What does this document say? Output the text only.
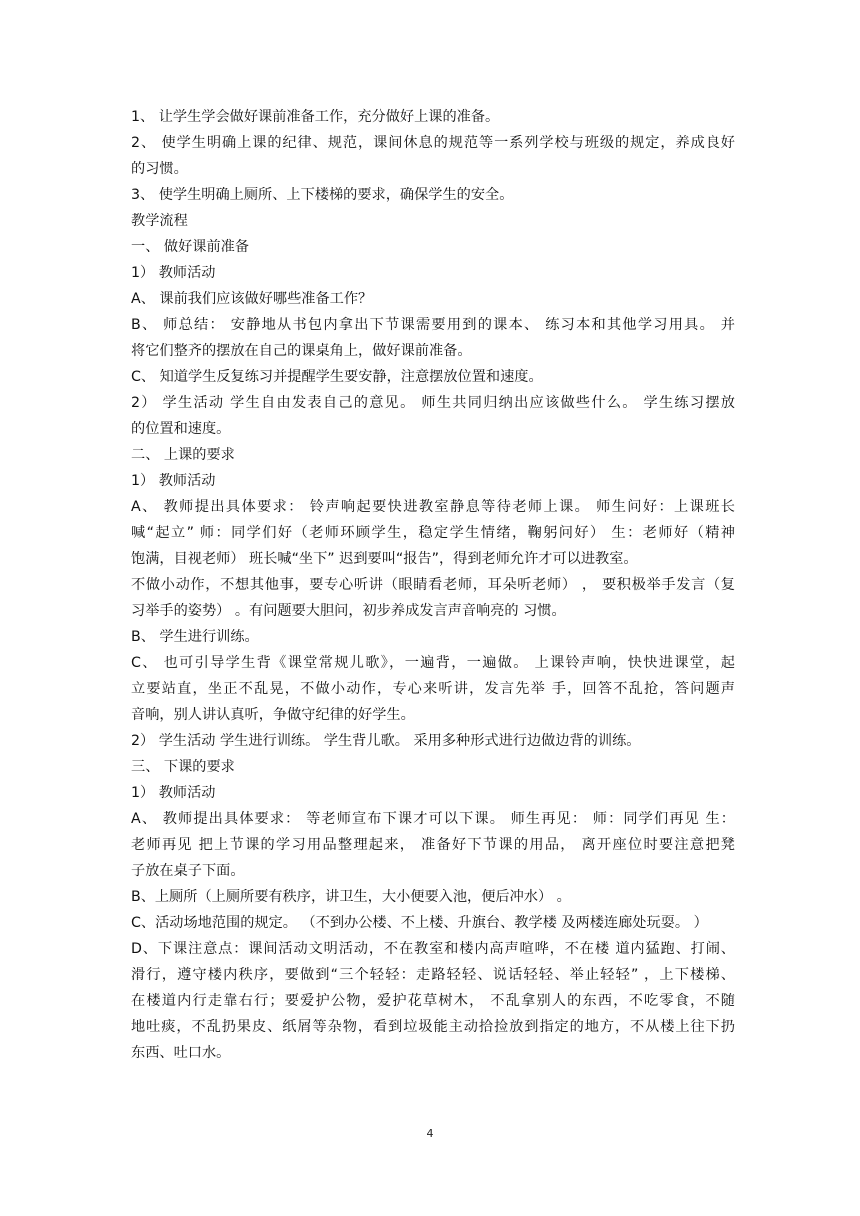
1、 让学生学会做好课前准备工作，充分做好上课的准备。
2、 使学生明确上课的纪律、规范，课间休息的规范等一系列学校与班级的规定，养成良好
的习惯。
3、 使学生明确上厕所、上下楼梯的要求，确保学生的安全。
教学流程
一、 做好课前准备
1） 教师活动
A、 课前我们应该做好哪些准备工作？
B、 师总结： 安静地从书包内拿出下节课需要用到的课本、 练习本和其他学习用具。 并
将它们整齐的摆放在自己的课桌角上，做好课前准备。
C、 知道学生反复练习并提醒学生要安静，注意摆放位置和速度。
2） 学生活动 学生自由发表自己的意见。 师生共同归纳出应该做些什么。 学生练习摆放
的位置和速度。
二、 上课的要求
1） 教师活动
A、 教师提出具体要求： 铃声响起要快进教室静息等待老师上课。 师生问好：上课班长
喊“起立” 师：同学们好（老师环顾学生，稳定学生情绪，鞠躬问好） 生：老师好（精神
饱满，目视老师） 班长喊“坐下” 迟到要叫“报告”，得到老师允许才可以进教室。
不做小动作，不想其他事，要专心听讲（眼睛看老师，耳朵听老师） ， 要积极举手发言（复
习举手的姿势） 。有问题要大胆问，初步养成发言声音响亮的 习惯。
B、 学生进行训练。
C、 也可引导学生背《课堂常规儿歌》，一遍背，一遍做。 上课铃声响，快快进课堂，起
立要站直，坐正不乱晃，不做小动作，专心来听讲，发言先举 手，回答不乱抢，答问题声
音响，别人讲认真听，争做守纪律的好学生。
2） 学生活动 学生进行训练。 学生背儿歌。 采用多种形式进行边做边背的训练。
三、 下课的要求
1） 教师活动
A、 教师提出具体要求： 等老师宣布下课才可以下课。 师生再见： 师：同学们再见 生：
老师再见 把上节课的学习用品整理起来， 准备好下节课的用品， 离开座位时要注意把凳
子放在桌子下面。
B、上厕所（上厕所要有秩序，讲卫生，大小便要入池，便后冲水） 。
C、活动场地范围的规定。 （不到办公楼、不上楼、升旗台、教学楼 及两楼连廊处玩耍。 ）
D、下课注意点：课间活动文明活动，不在教室和楼内高声喧哗，不在楼 道内猛跑、打闹、
滑行，遵守楼内秩序，要做到“三个轻轻：走路轻轻、说话轻轻、举止轻轻” ，上下楼梯、
在楼道内行走靠右行；要爱护公物，爱护花草树木， 不乱拿别人的东西，不吃零食，不随
地吐痰，不乱扔果皮、纸屑等杂物，看到垃圾能主动拾捡放到指定的地方，不从楼上往下扔
东西、吐口水。
4
